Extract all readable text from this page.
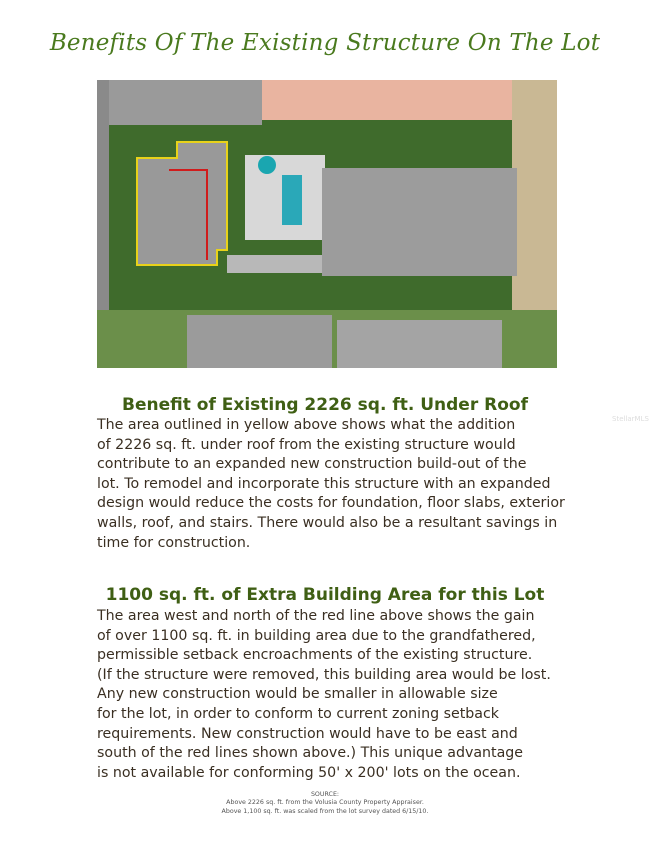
Benefits Of The Existing Structure On The Lot
Benefit of Existing 2226 sq. ft. Under Roof
The area outlined in yellow above shows what the addition
of 2226 sq. ft. under roof from the existing structure would
contribute to an expanded new construction build-out of the
lot. To remodel and incorporate this structure with an expanded
design would reduce the costs for foundation, floor slabs, exterior
walls, roof, and stairs. There would also be a resultant savings in
time for construction.
1100 sq. ft. of Extra Building Area for this Lot
The area west and north of the red line above shows the gain
of over 1100 sq. ft. in building area due to the grandfathered,
permissible setback encroachments of the existing structure.
(If the structure were removed, this building area would be lost.
Any new construction would be smaller in allowable size
for the lot, in order to conform to current zoning setback
requirements. New construction would have to be east and
south of the red lines shown above.) This unique advantage
is not available for conforming 50' x 200' lots on the ocean.
SOURCE:
Above 2226 sq. ft. from the Volusia County Property Appraiser.
Above 1,100 sq. ft. was scaled from the lot survey dated 6/15/10.
StellarMLS
